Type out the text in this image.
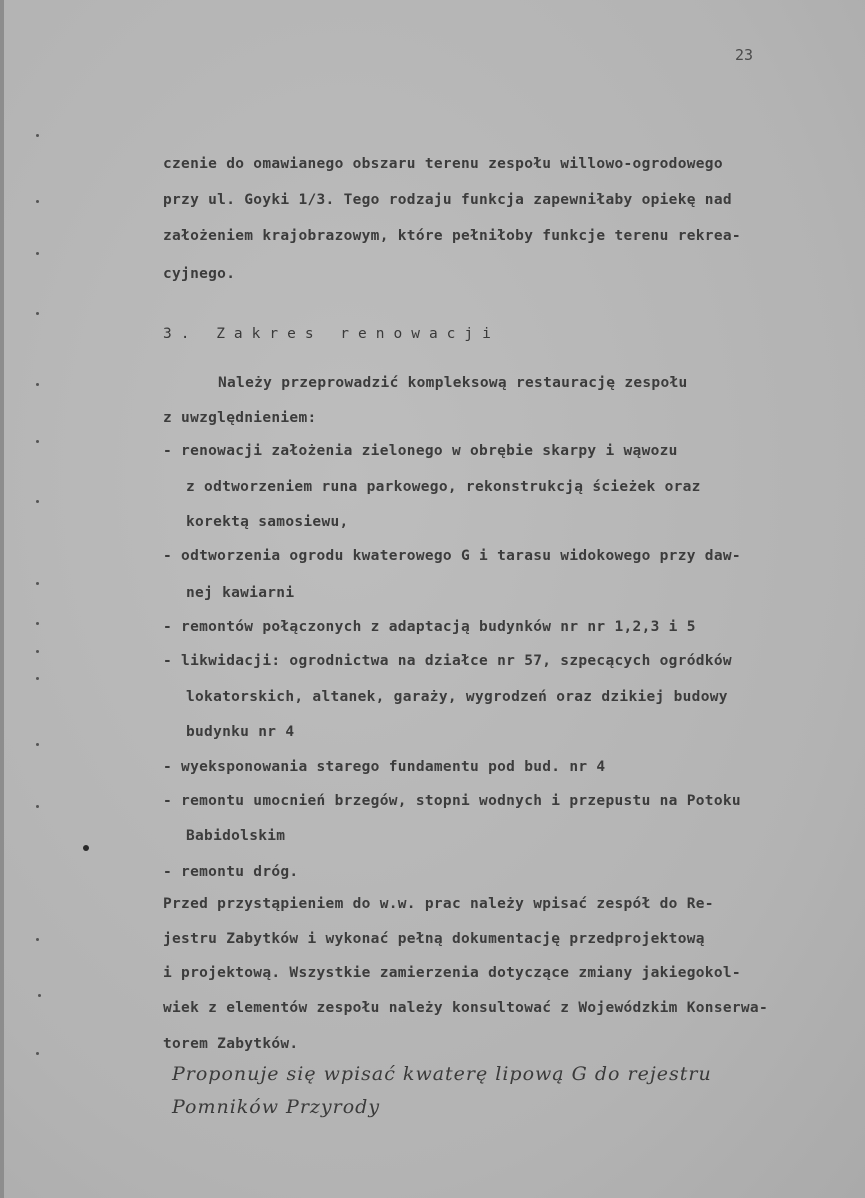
23
czenie do omawianego obszaru terenu zespołu willowo-ogrodowego
przy ul. Goyki 1/3. Tego rodzaju funkcja zapewniłaby opiekę nad
założeniem krajobrazowym, które pełniłoby funkcje terenu rekrea-
cyjnego.
3. Zakres renowacji
Należy przeprowadzić kompleksową restaurację zespołu
z uwzględnieniem:
- renowacji założenia zielonego w obrębie skarpy i wąwozu
z odtworzeniem runa parkowego, rekonstrukcją ścieżek oraz
korektą samosiewu,
- odtworzenia ogrodu kwaterowego G i tarasu widokowego przy daw-
nej kawiarni
- remontów połączonych z adaptacją budynków nr nr 1,2,3 i 5
- likwidacji: ogrodnictwa na działce nr 57, szpecących ogródków
lokatorskich, altanek, garaży, wygrodzeń oraz dzikiej budowy
budynku nr 4
- wyeksponowania starego fundamentu pod bud. nr 4
- remontu umocnień brzegów, stopni wodnych i przepustu na Potoku
Babidolskim
- remontu dróg.
Przed przystąpieniem do w.w. prac należy wpisać zespół do Re-
jestru Zabytków i wykonać pełną dokumentację przedprojektową
i projektową. Wszystkie zamierzenia dotyczące zmiany jakiegokol-
wiek z elementów zespołu należy konsultować z Wojewódzkim Konserwa-
torem Zabytków.
Proponuje się wpisać kwaterę lipową G do rejestru
Pomników Przyrody
